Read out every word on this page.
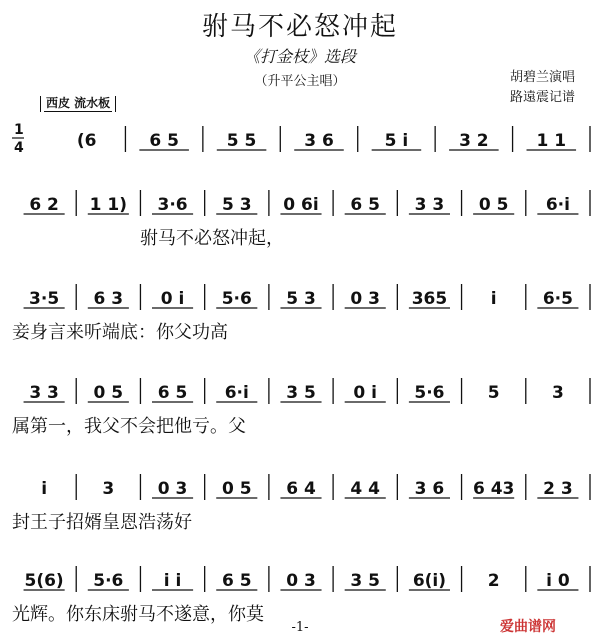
驸马不必怒冲起
《打金枝》选段
（升平公主唱）	胡碧兰演唱
路遠震记谱
西皮 流水板
1
4	(6	6 5	5 5	3 6	5 i	3 2	1 1
6 2 1 1) 3·6 5 3 0 6i 6 5 3 3 0 5 6·i
3·5 6 3 0 i 5·6 5 3 0 3 365	i	6·5
3 3 0 5 6 5 6·i 3 5 0 i 5·6	5	3
i	3	0 3 0 5 6 4 4 4 3 6 6 43 2 3
5(6) 5·6 i i 6 5 0 3 3 5 6(i) 2	i 0
驸马不必怒冲起，
妾身言来听端底：你父功高
属第一，我父不会把他亏。父
封王子招婿皇恩浩荡好
光辉。你东床驸马不遂意，你莫
-1-	爱曲谱网
